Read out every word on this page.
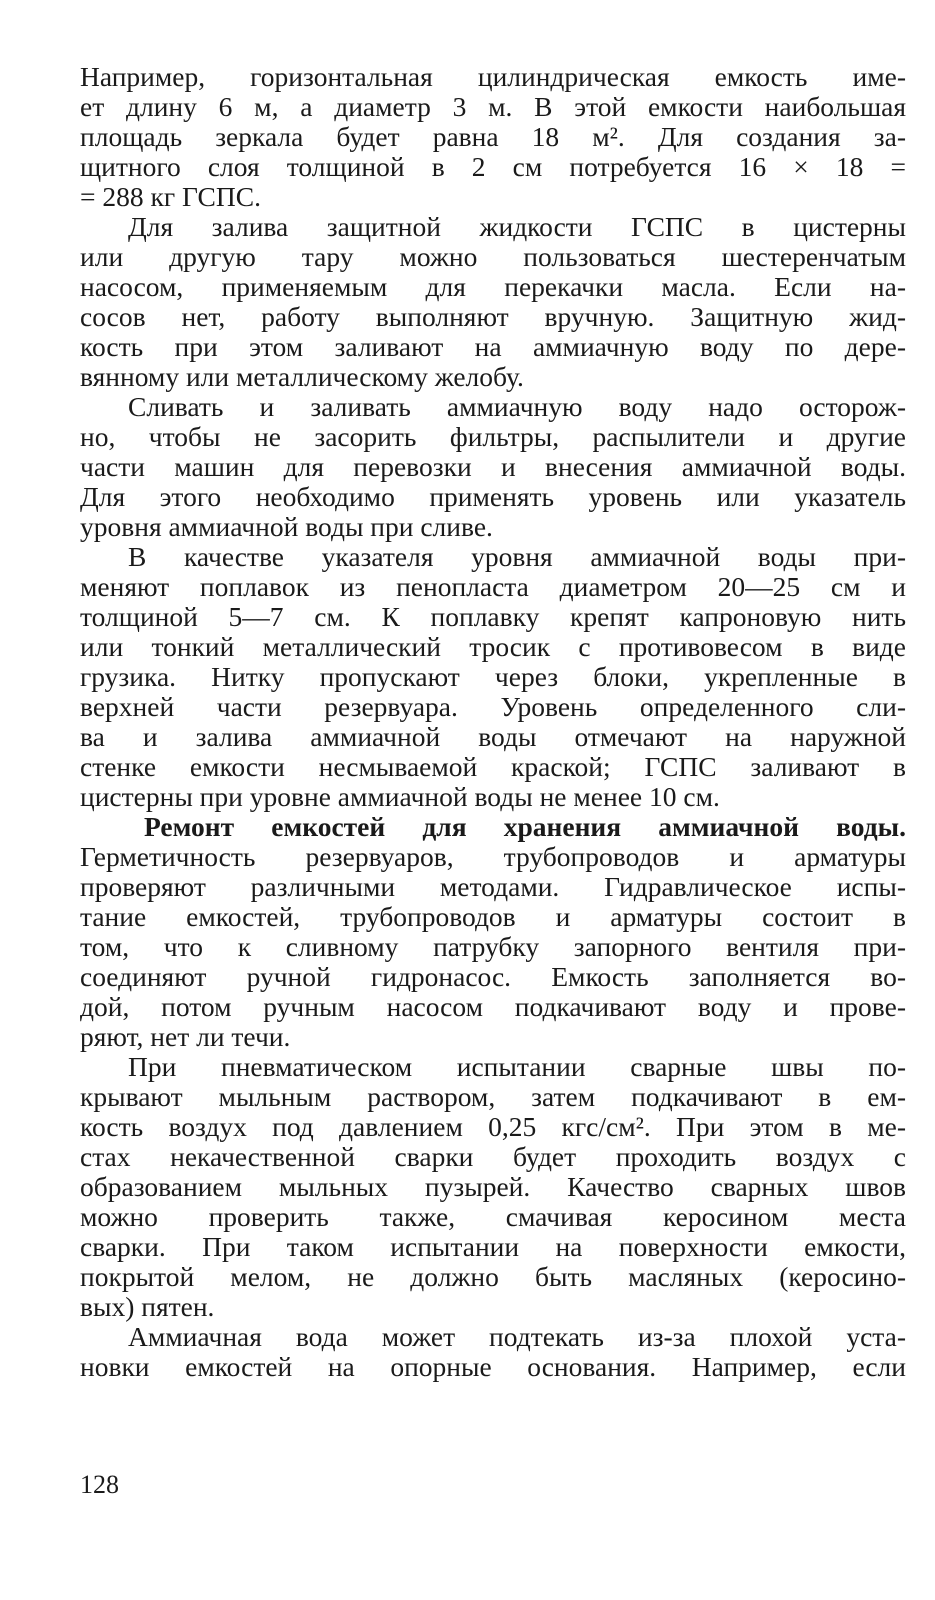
Например, горизонтальная цилиндрическая емкость име-
ет длину 6 м, а диаметр 3 м. В этой емкости наибольшая
площадь зеркала будет равна 18 м². Для создания за-
щитного слоя толщиной в 2 см потребуется 16 × 18 =
= 288 кг ГСПС.
Для залива защитной жидкости ГСПС в цистерны
или другую тару можно пользоваться шестеренчатым
насосом, применяемым для перекачки масла. Если на-
сосов нет, работу выполняют вручную. Защитную жид-
кость при этом заливают на аммиачную воду по дере-
вянному или металлическому желобу.
Сливать и заливать аммиачную воду надо осторож-
но, чтобы не засорить фильтры, распылители и другие
части машин для перевозки и внесения аммиачной воды.
Для этого необходимо применять уровень или указатель
уровня аммиачной воды при сливе.
В качестве указателя уровня аммиачной воды при-
меняют поплавок из пенопласта диаметром 20—25 см и
толщиной 5—7 см. К поплавку крепят капроновую нить
или тонкий металлический тросик с противовесом в виде
грузика. Нитку пропускают через блоки, укрепленные в
верхней части резервуара. Уровень определенного сли-
ва и залива аммиачной воды отмечают на наружной
стенке емкости несмываемой краской; ГСПС заливают в
цистерны при уровне аммиачной воды не менее 10 см.
Ремонт емкостей для хранения аммиачной воды.
Герметичность резервуаров, трубопроводов и арматуры
проверяют различными методами. Гидравлическое испы-
тание емкостей, трубопроводов и арматуры состоит в
том, что к сливному патрубку запорного вентиля при-
соединяют ручной гидронасос. Емкость заполняется во-
дой, потом ручным насосом подкачивают воду и прове-
ряют, нет ли течи.
При пневматическом испытании сварные швы по-
крывают мыльным раствором, затем подкачивают в ем-
кость воздух под давлением 0,25 кгс/см². При этом в ме-
стах некачественной сварки будет проходить воздух с
образованием мыльных пузырей. Качество сварных швов
можно проверить также, смачивая керосином места
сварки. При таком испытании на поверхности емкости,
покрытой мелом, не должно быть масляных (керосино-
вых) пятен.
Аммиачная вода может подтекать из-за плохой уста-
новки емкостей на опорные основания. Например, если
128
